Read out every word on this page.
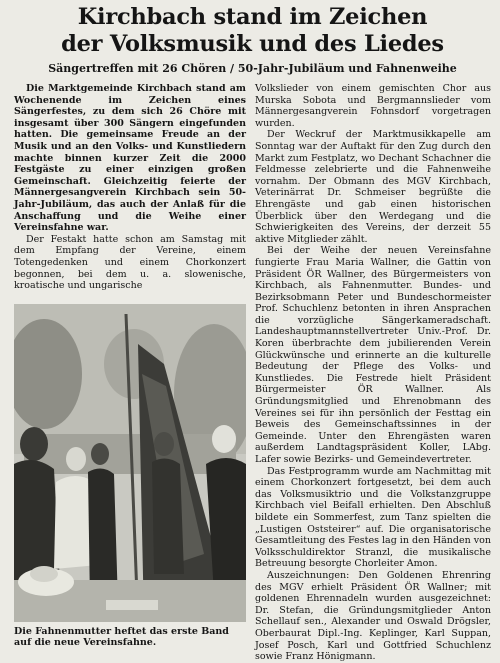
Kirchbach stand im Zeichen
der Volksmusik und des Liedes

Sängertreffen mit 26 Chören / 50-Jahr-Jubiläum und Fahnenweihe

Die Marktgemeinde Kirchbach stand am Wochenende im Zeichen eines Sängerfestes, zu dem sich 26 Chöre mit insgesamt über 300 Sängern eingefunden hatten. Die gemeinsame Freude an der Musik und an den Volks- und Kunstliedern machte binnen kurzer Zeit die 2000 Festgäste zu einer einzigen großen Gemeinschaft. Gleichzeitig feierte der Männergesangverein Kirchbach sein 50-Jahr-Jubiläum, das auch der Anlaß für die Anschaffung und die Weihe einer Vereinsfahne war.

Der Festakt hatte schon am Samstag mit dem Empfang der Vereine, einem Totengedenken und einem Chorkonzert begonnen, bei dem u. a. slowenische, kroatische und ungarische

Die Fahnenmutter heftet das erste Band auf die neue Vereinsfahne.

Volkslieder von einem gemischten Chor aus Murska Sobota und Bergmannslieder vom Männergesangverein Fohnsdorf vorgetragen wurden.

Der Weckruf der Marktmusikkapelle am Sonntag war der Auftakt für den Zug durch den Markt zum Festplatz, wo Dechant Schachner die Feldmesse zelebrierte und die Fahnenweihe vornahm. Der Obmann des MGV Kirchbach, Veterinärrat Dr. Schmeiser begrüßte die Ehrengäste und gab einen historischen Überblick über den Werdegang und die Schwierigkeiten des Vereins, der derzeit 55 aktive Mitglieder zählt.

Bei der Weihe der neuen Vereinsfahne fungierte Frau Maria Wallner, die Gattin von Präsident ÖR Wallner, des Bürgermeisters von Kirchbach, als Fahnenmutter. Bundes- und Bezirksobmann Peter und Bundeschormeister Prof. Schuchlenz betonten in ihren Ansprachen die vorzügliche Sängerkameradschaft. Landeshauptmannstellvertreter Univ.-Prof. Dr. Koren überbrachte dem jubilierenden Verein Glückwünsche und erinnerte an die kulturelle Bedeutung der Pflege des Volks- und Kunstliedes. Die Festrede hielt Präsident Bürgermeister ÖR Wallner. Als Gründungsmitglied und Ehrenobmann des Vereines sei für ihn persönlich der Festtag ein Beweis des Gemeinschaftssinnes in der Gemeinde. Unter den Ehrengästen waren außerdem Landtagspräsident Koller, LAbg. Lafer sowie Bezirks- und Gemeindevertreter.

Das Festprogramm wurde am Nachmittag mit einem Chorkonzert fortgesetzt, bei dem auch das Volksmusiktrio und die Volkstanzgruppe Kirchbach viel Beifall erhielten. Den Abschluß bildete ein Sommerfest, zum Tanz spielten die „Lustigen Oststeirer“ auf. Die organisatorische Gesamtleitung des Festes lag in den Händen von Volksschuldirektor Stranzl, die musikalische Betreuung besorgte Chorleiter Amon.

Auszeichnungen: Den Goldenen Ehrenring des MGV erhielt Präsident ÖR Wallner; mit goldenen Ehrennadeln wurden ausgezeichnet: Dr. Stefan, die Gründungsmitglieder Anton Schellauf sen., Alexander und Oswald Drögsler, Oberbaurat Dipl.-Ing. Keplinger, Karl Suppan, Josef Posch, Karl und Gottfried Schuchlenz sowie Franz Hönigmann.
